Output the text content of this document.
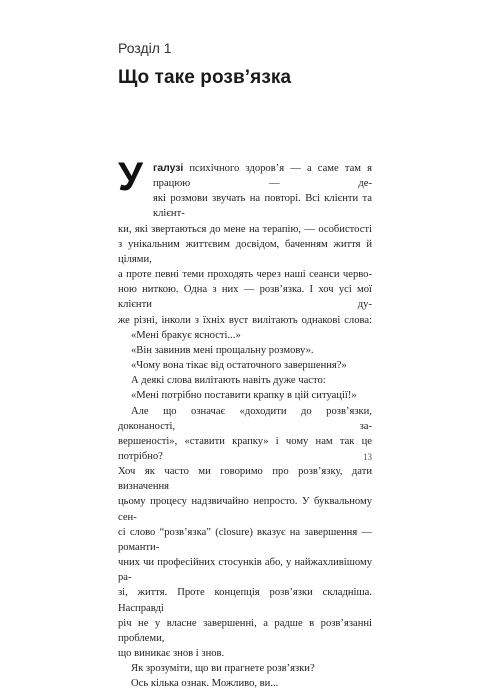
Розділ 1
Що таке розв’язка
У галузі психічного здоров’я — а саме там я працюю — де-
які розмови звучать на повторі. Всі клієнти та клієнт-
ки, які звертаються до мене на терапію, — особистості
з унікальним життєвим досвідом, баченням життя й цілями,
а проте певні теми проходять через наші сеанси черво-
ною ниткою. Одна з них — розв’язка. І хоч усі мої клієнти ду-
же різні, інколи з їхніх вуст вилітають однакові слова:
«Мені бракує ясності...»
«Він завинив мені прощальну розмову».
«Чому вона тікає від остаточного завершення?»
А деякі слова вилітають навіть дуже часто:
«Мені потрібно поставити крапку в цій ситуації!»
Але що означає «доходити до розв’язки, доконаності, за-
вершеності», «ставити крапку» і чому нам так це потрібно?
Хоч як часто ми говоримо про розв’язку, дати визначення
цьому процесу надзвичайно непросто. У буквальному сен-
сі слово “розв’язка” (closure) вказує на завершення — романти-
чних чи професійних стосунків або, у найжахливішому ра-
зі, життя. Проте концепція розв’язки складніша. Насправді
річ не у власне завершенні, а радше в розв’язанні проблеми,
що виникає знов і знов.
Як зрозуміти, що ви прагнете розв’язки?
Ось кілька ознак. Можливо, ви...
13
